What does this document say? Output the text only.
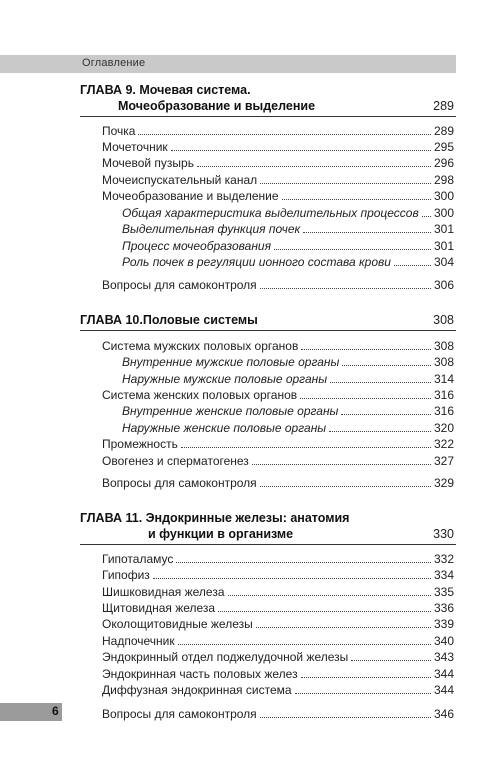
Оглавление
ГЛАВА 9. Мочевая система.
Мочеобразование и выделение	289
Почка	289
Мочеточник	295
Мочевой пузырь	296
Мочеиспускательный канал	298
Мочеобразование и выделение	300
Общая характеристика выделительных процессов 300
Выделительная функция почек	301
Процесс мочеобразования	301
Роль почек в регуляции ионного состава крови	304
Вопросы для самоконтроля	306
ГЛАВА 10.Половые системы	308
Система мужских половых органов	308
Внутренние мужские половые органы	308
Наружные мужские половые органы	314
Система женских половых органов	316
Внутренние женские половые органы	316
Наружные женские половые органы	320
Промежность	322
Овогенез и сперматогенез	327
Вопросы для самоконтроля	329
ГЛАВА 11. Эндокринные железы: анатомия
и функции в организме	330
Гипоталамус	332
Гипофиз	334
Шишковидная железа	335
Щитовидная железа	336
Околощитовидные железы	339
Надпочечник	340
Эндокринный отдел поджелудочной железы	343
Эндокринная часть половых желез	344
Диффузная эндокринная система	344
Вопросы для самоконтроля	346
6
